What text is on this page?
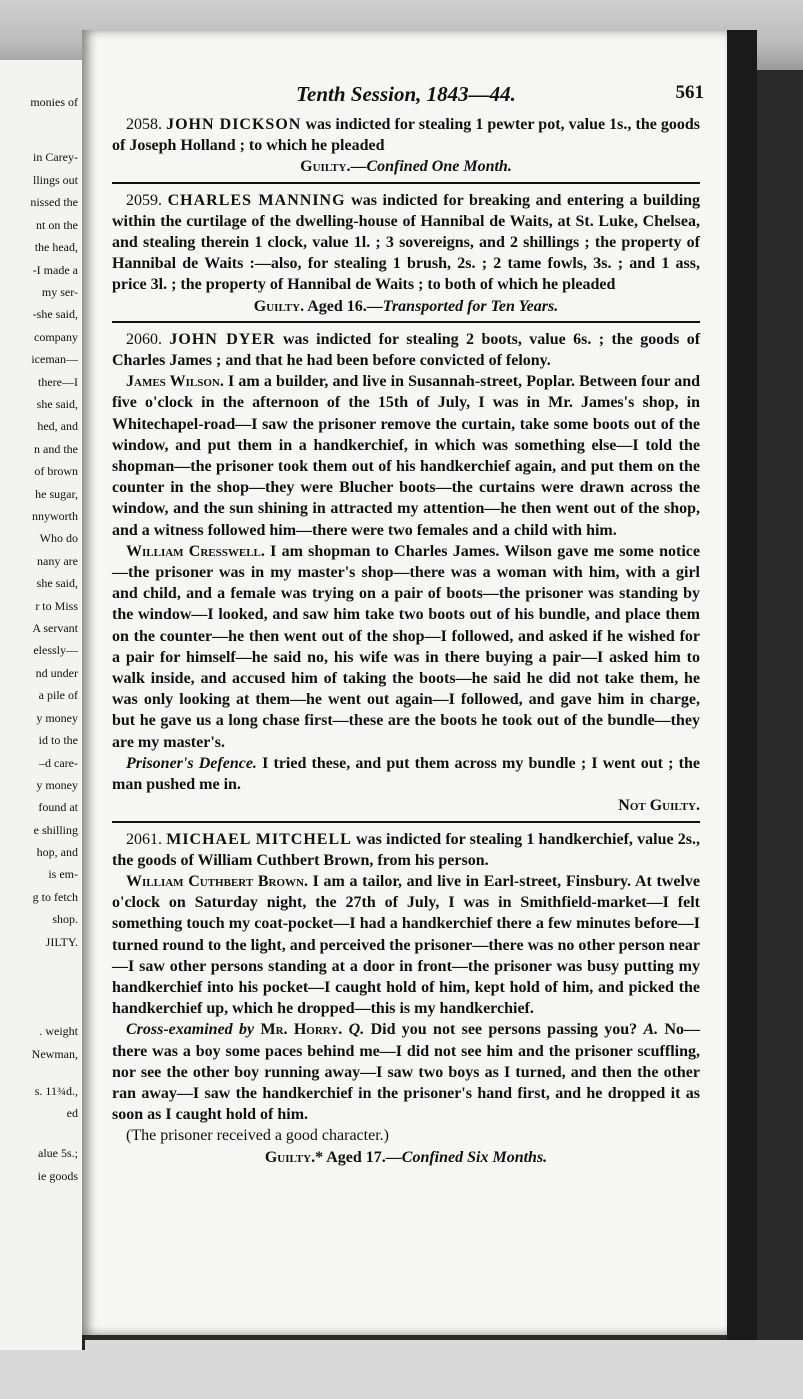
monies of
in Carey-
llings out
nissed the
nt on the
the head,
-I made a
my ser-
-she said,
company
iceman—
there—I
she said,
hed, and
n and the
of brown
he sugar,
nnyworth
Who do
nany are
she said,
r to Miss
A servant
elessly—
nd under
a pile of
y money
id to the
–d care-
y money
found at
e shilling
hop, and
is em-
g to fetch
shop.
JILTY.
. weight
Newman,
s. 11¾d.,
ed
alue 5s.;
ie goods
Tenth Session, 1843—44.	561

2058. JOHN DICKSON was indicted for stealing 1 pewter pot, value 1s., the goods of Joseph Holland ; to which he pleaded

Guilty.—Confined One Month.

2059. CHARLES MANNING was indicted for breaking and entering a building within the curtilage of the dwelling-house of Hannibal de Waits, at St. Luke, Chelsea, and stealing therein 1 clock, value 1l. ; 3 sovereigns, and 2 shillings ; the property of Hannibal de Waits :—also, for stealing 1 brush, 2s. ; 2 tame fowls, 3s. ; and 1 ass, price 3l. ; the property of Hannibal de Waits ; to both of which he pleaded

Guilty. Aged 16.—Transported for Ten Years.

2060. JOHN DYER was indicted for stealing 2 boots, value 6s. ; the goods of Charles James ; and that he had been before convicted of felony.

James Wilson. I am a builder, and live in Susannah-street, Poplar. Between four and five o'clock in the afternoon of the 15th of July, I was in Mr. James's shop, in Whitechapel-road—I saw the prisoner remove the curtain, take some boots out of the window, and put them in a handkerchief, in which was something else—I told the shopman—the prisoner took them out of his handkerchief again, and put them on the counter in the shop—they were Blucher boots—the curtains were drawn across the window, and the sun shining in attracted my attention—he then went out of the shop, and a witness followed him—there were two females and a child with him.

William Cresswell. I am shopman to Charles James. Wilson gave me some notice—the prisoner was in my master's shop—there was a woman with him, with a girl and child, and a female was trying on a pair of boots—the prisoner was standing by the window—I looked, and saw him take two boots out of his bundle, and place them on the counter—he then went out of the shop—I followed, and asked if he wished for a pair for himself—he said no, his wife was in there buying a pair—I asked him to walk inside, and accused him of taking the boots—he said he did not take them, he was only looking at them—he went out again—I followed, and gave him in charge, but he gave us a long chase first—these are the boots he took out of the bundle—they are my master's.

Prisoner's Defence. I tried these, and put them across my bundle ; I went out ; the man pushed me in.

Not Guilty.

2061. MICHAEL MITCHELL was indicted for stealing 1 handkerchief, value 2s., the goods of William Cuthbert Brown, from his person.

William Cuthbert Brown. I am a tailor, and live in Earl-street, Finsbury. At twelve o'clock on Saturday night, the 27th of July, I was in Smithfield-market—I felt something touch my coat-pocket—I had a handkerchief there a few minutes before—I turned round to the light, and perceived the prisoner—there was no other person near—I saw other persons standing at a door in front—the prisoner was busy putting my handkerchief into his pocket—I caught hold of him, kept hold of him, and picked the handkerchief up, which he dropped—this is my handkerchief.

Cross-examined by Mr. Horry. Q. Did you not see persons passing you? A. No—there was a boy some paces behind me—I did not see him and the prisoner scuffling, nor see the other boy running away—I saw two boys as I turned, and then the other ran away—I saw the handkerchief in the prisoner's hand first, and he dropped it as soon as I caught hold of him.

(The prisoner received a good character.)

Guilty.* Aged 17.—Confined Six Months.
